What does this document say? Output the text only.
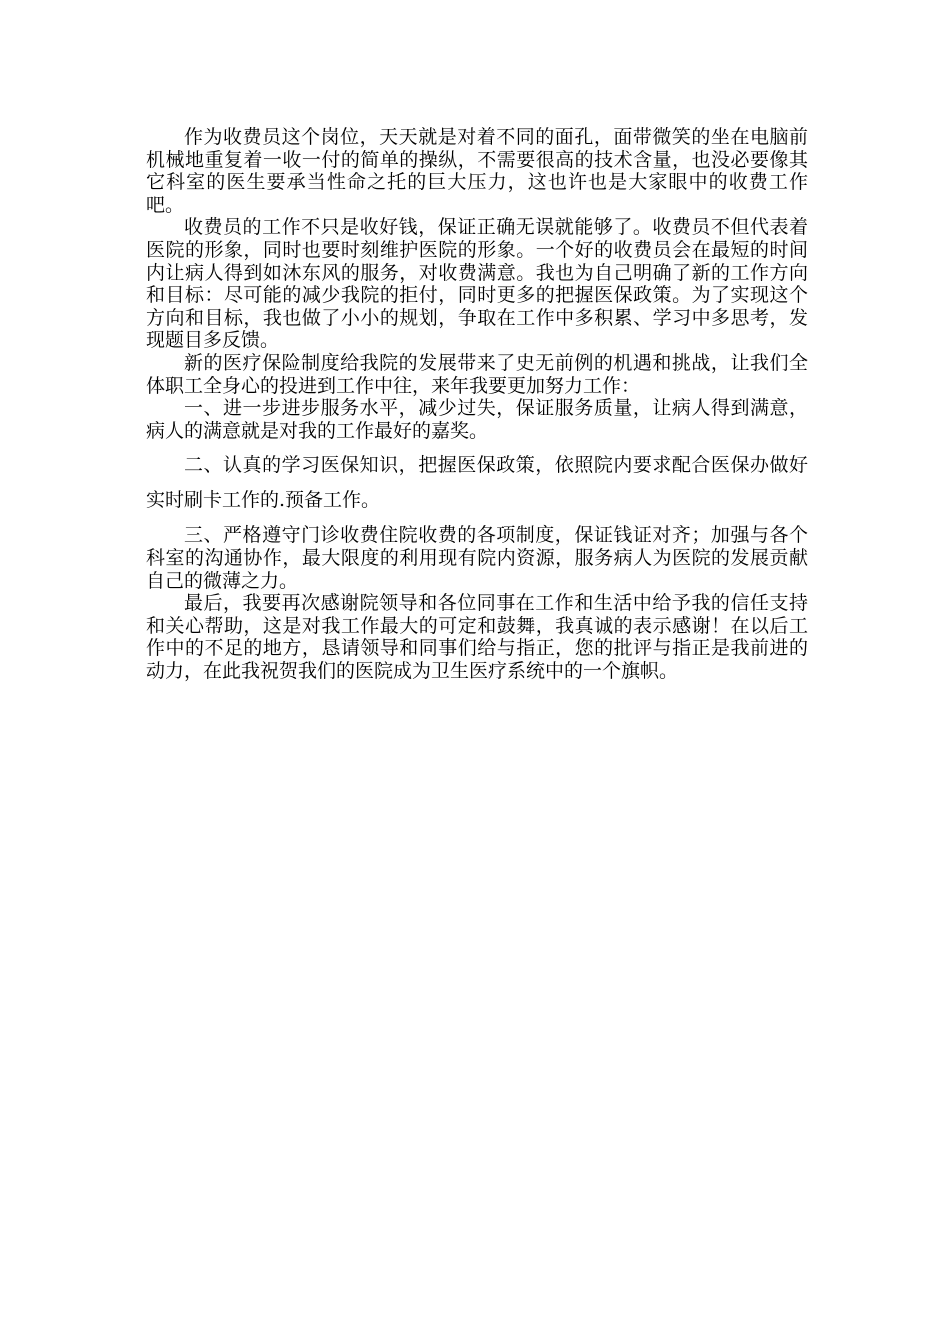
作为收费员这个岗位，天天就是对着不同的面孔，面带微笑的坐在电脑前机械地重复着一收一付的简单的操纵，不需要很高的技术含量，也没必要像其它科室的医生要承当性命之托的巨大压力，这也许也是大家眼中的收费工作吧。

收费员的工作不只是收好钱，保证正确无误就能够了。收费员不但代表着医院的形象，同时也要时刻维护医院的形象。一个好的收费员会在最短的时间内让病人得到如沐东风的服务，对收费满意。我也为自己明确了新的工作方向和目标：尽可能的减少我院的拒付，同时更多的把握医保政策。为了实现这个方向和目标，我也做了小小的规划，争取在工作中多积累、学习中多思考，发现题目多反馈。

新的医疗保险制度给我院的发展带来了史无前例的机遇和挑战，让我们全体职工全身心的投进到工作中往，来年我要更加努力工作：

一、进一步进步服务水平，减少过失，保证服务质量，让病人得到满意，病人的满意就是对我的工作最好的嘉奖。

二、认真的学习医保知识，把握医保政策，依照院内要求配合医保办做好实时刷卡工作的.预备工作。

三、严格遵守门诊收费住院收费的各项制度，保证钱证对齐；加强与各个科室的沟通协作，最大限度的利用现有院内资源，服务病人为医院的发展贡献自己的微薄之力。

最后，我要再次感谢院领导和各位同事在工作和生活中给予我的信任支持和关心帮助，这是对我工作最大的可定和鼓舞，我真诚的表示感谢！在以后工作中的不足的地方，恳请领导和同事们给与指正，您的批评与指正是我前进的动力，在此我祝贺我们的医院成为卫生医疗系统中的一个旗帜。
